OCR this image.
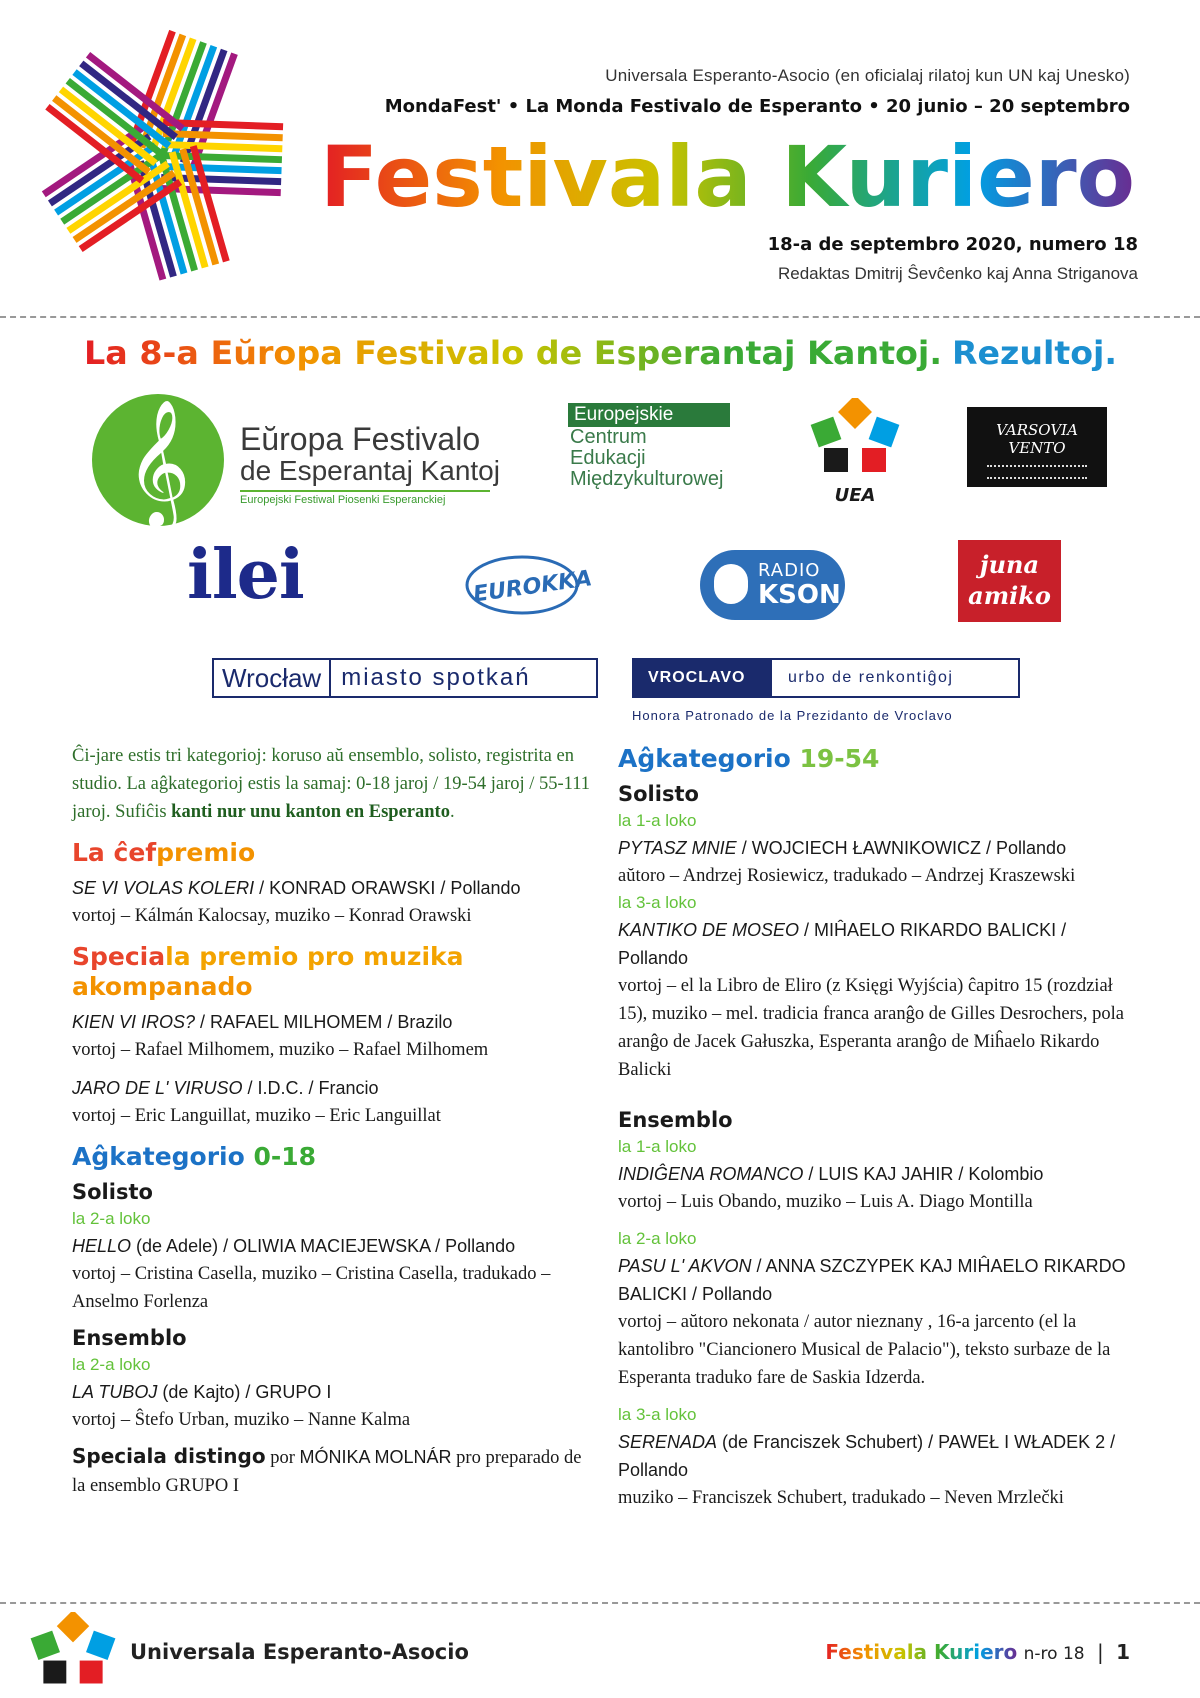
Universala Esperanto-Asocio (en oficialaj rilatoj kun UN kaj Unesko)
MondaFest' • La Monda Festivalo de Esperanto • 20 junio – 20 septembro
Festivala Kuriero
18-a de septembro 2020, numero 18
Redaktas Dmitrij Ŝevĉenko kaj Anna Striganova
La 8-a Eŭropa Festivalo de Esperantaj Kantoj. Rezultoj.
𝄞 Eŭropa Festivalo
de Esperantaj Kantoj
Europejski Festiwal Piosenki Esperanckiej
Europejskie
Centrum
Edukacji
Międzykulturowej
UEA
VARSOVIA VENTO
ilei	EUROKKA	RADIO
KSON
juna
amiko
Wrocław miasto spotkań	VROCLAVO	urbo de renkontiĝoj
Honora Patronado de la Prezidanto de Vroclavo

Ĉi-jare estis tri kategorioj: koruso aŭ ensemblo, solisto, registrita en studio. La aĝkategorioj estis la samaj: 0-18 jaroj / 19-54 jaroj / 55-111 jaroj. Sufiĉis kanti nur unu kanton en Esperanto.

La ĉefpremio

SE VI VOLAS KOLERI / KONRAD ORAWSKI / Pollando

vortoj – Kálmán Kalocsay, muziko – Konrad Orawski

Speciala premio pro muzika
akompanado

KIEN VI IROS? / RAFAEL MILHOMEM / Brazilo

vortoj – Rafael Milhomem, muziko – Rafael Milhomem

JARO DE L' VIRUSO / I.D.C. / Francio

vortoj – Eric Languillat, muziko – Eric Languillat

Aĝkategorio 0-18
Solisto

la 2-a loko

HELLO (de Adele) / OLIWIA MACIEJEWSKA / Pollando

vortoj – Cristina Casella, muziko – Cristina Casella, tradukado – Anselmo Forlenza

Ensemblo

la 2-a loko

LA TUBOJ (de Kajto) / GRUPO I

vortoj – Ŝtefo Urban, muziko – Nanne Kalma

Speciala distingo por MÓNIKA MOLNÁR pro preparado de la ensemblo GRUPO I

Aĝkategorio 19-54
Solisto

la 1-a loko

PYTASZ MNIE / WOJCIECH ŁAWNIKOWICZ / Pollando

aŭtoro – Andrzej Rosiewicz, tradukado – Andrzej Kraszewski

la 3-a loko

KANTIKO DE MOSEO / MIĤAELO RIKARDO BALICKI / Pollando

vortoj – el la Libro de Eliro (z Księgi Wyjścia) ĉapitro 15 (rozdział 15), muziko – mel. tradicia franca aranĝo de Gilles Desrochers, pola aranĝo de Jacek Gałuszka, Esperanta aranĝo de Miĥaelo Rikardo Balicki

Ensemblo

la 1-a loko

INDIĜENA ROMANCO / LUIS KAJ JAHIR / Kolombio

vortoj – Luis Obando, muziko – Luis A. Diago Montilla

la 2-a loko

PASU L' AKVON / ANNA SZCZYPEK KAJ MIĤAELO RIKARDO BALICKI / Pollando

vortoj – aŭtoro nekonata / autor nieznany , 16-a jarcento (el la kantolibro "Ciancionero Musical de Palacio"), teksto surbaze de la Esperanta traduko fare de Saskia Idzerda.

la 3-a loko

SERENADA (de Franciszek Schubert) / PAWEŁ I WŁADEK 2 / Pollando

muziko – Franciszek Schubert, tradukado – Neven Mrzlečki

Universala Esperanto-Asocio	Festivala Kuriero n-ro 18 | 1
